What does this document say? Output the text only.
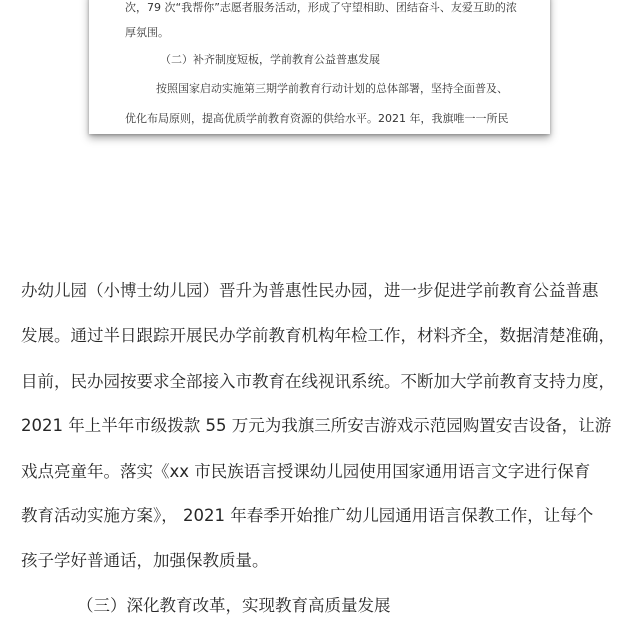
次，79 次“我帮你”志愿者服务活动，形成了守望相助、团结奋斗、友爱互助的浓
厚氛围。
（二）补齐制度短板，学前教育公益普惠发展
按照国家启动实施第三期学前教育行动计划的总体部署，坚持全面普及、
优化布局原则，提高优质学前教育资源的供给水平。2021 年，我旗唯一一所民
办幼儿园（小博士幼儿园）晋升为普惠性民办园，进一步促进学前教育公益普惠
发展。通过半日跟踪开展民办学前教育机构年检工作，材料齐全，数据清楚准确，
目前，民办园按要求全部接入市教育在线视讯系统。不断加大学前教育支持力度，
2021 年上半年市级拨款 55 万元为我旗三所安吉游戏示范园购置安吉设备，让游
戏点亮童年。落实《xx 市民族语言授课幼儿园使用国家通用语言文字进行保育
教育活动实施方案》， 2021 年春季开始推广幼儿园通用语言保教工作，让每个
孩子学好普通话，加强保教质量。
（三）深化教育改革，实现教育高质量发展
